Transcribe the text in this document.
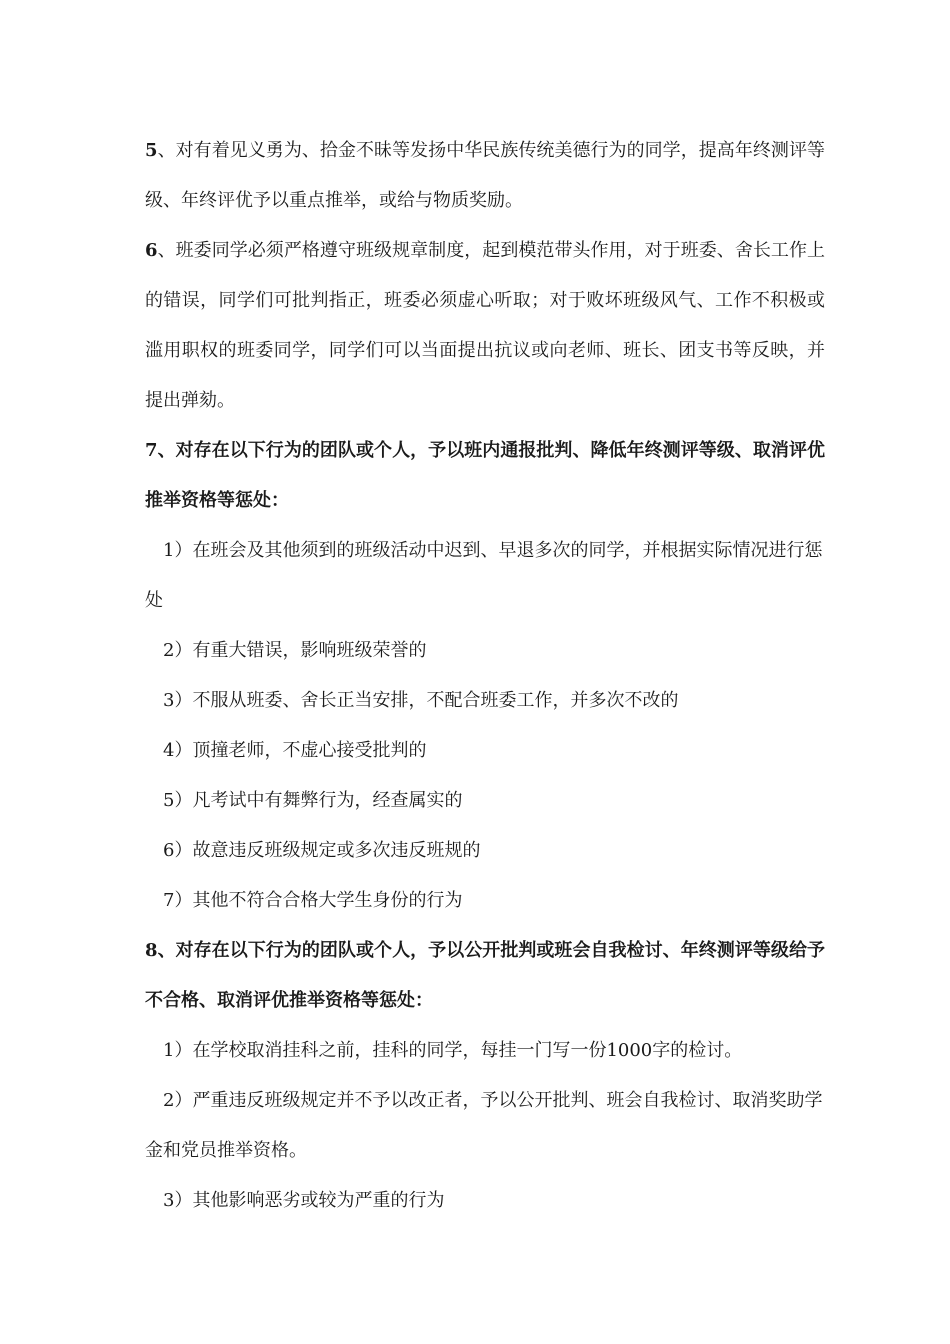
5、对有着见义勇为、拾金不昧等发扬中华民族传统美德行为的同学，提高年终测评等级、年终评优予以重点推举，或给与物质奖励。

6、班委同学必须严格遵守班级规章制度，起到模范带头作用，对于班委、舍长工作上的错误，同学们可批判指正，班委必须虚心听取；对于败坏班级风气、工作不积极或滥用职权的班委同学，同学们可以当面提出抗议或向老师、班长、团支书等反映，并提出弹劾。

7、对存在以下行为的团队或个人，予以班内通报批判、降低年终测评等级、取消评优推举资格等惩处：

1）在班会及其他须到的班级活动中迟到、早退多次的同学，并根据实际情况进行惩处

2）有重大错误，影响班级荣誉的

3）不服从班委、舍长正当安排，不配合班委工作，并多次不改的

4）顶撞老师，不虚心接受批判的

5）凡考试中有舞弊行为，经查属实的

6）故意违反班级规定或多次违反班规的

7）其他不符合合格大学生身份的行为

8、对存在以下行为的团队或个人，予以公开批判或班会自我检讨、年终测评等级给予不合格、取消评优推举资格等惩处：

1）在学校取消挂科之前，挂科的同学，每挂一门写一份1000字的检讨。

2）严重违反班级规定并不予以改正者，予以公开批判、班会自我检讨、取消奖助学金和党员推举资格。

3）其他影响恶劣或较为严重的行为
